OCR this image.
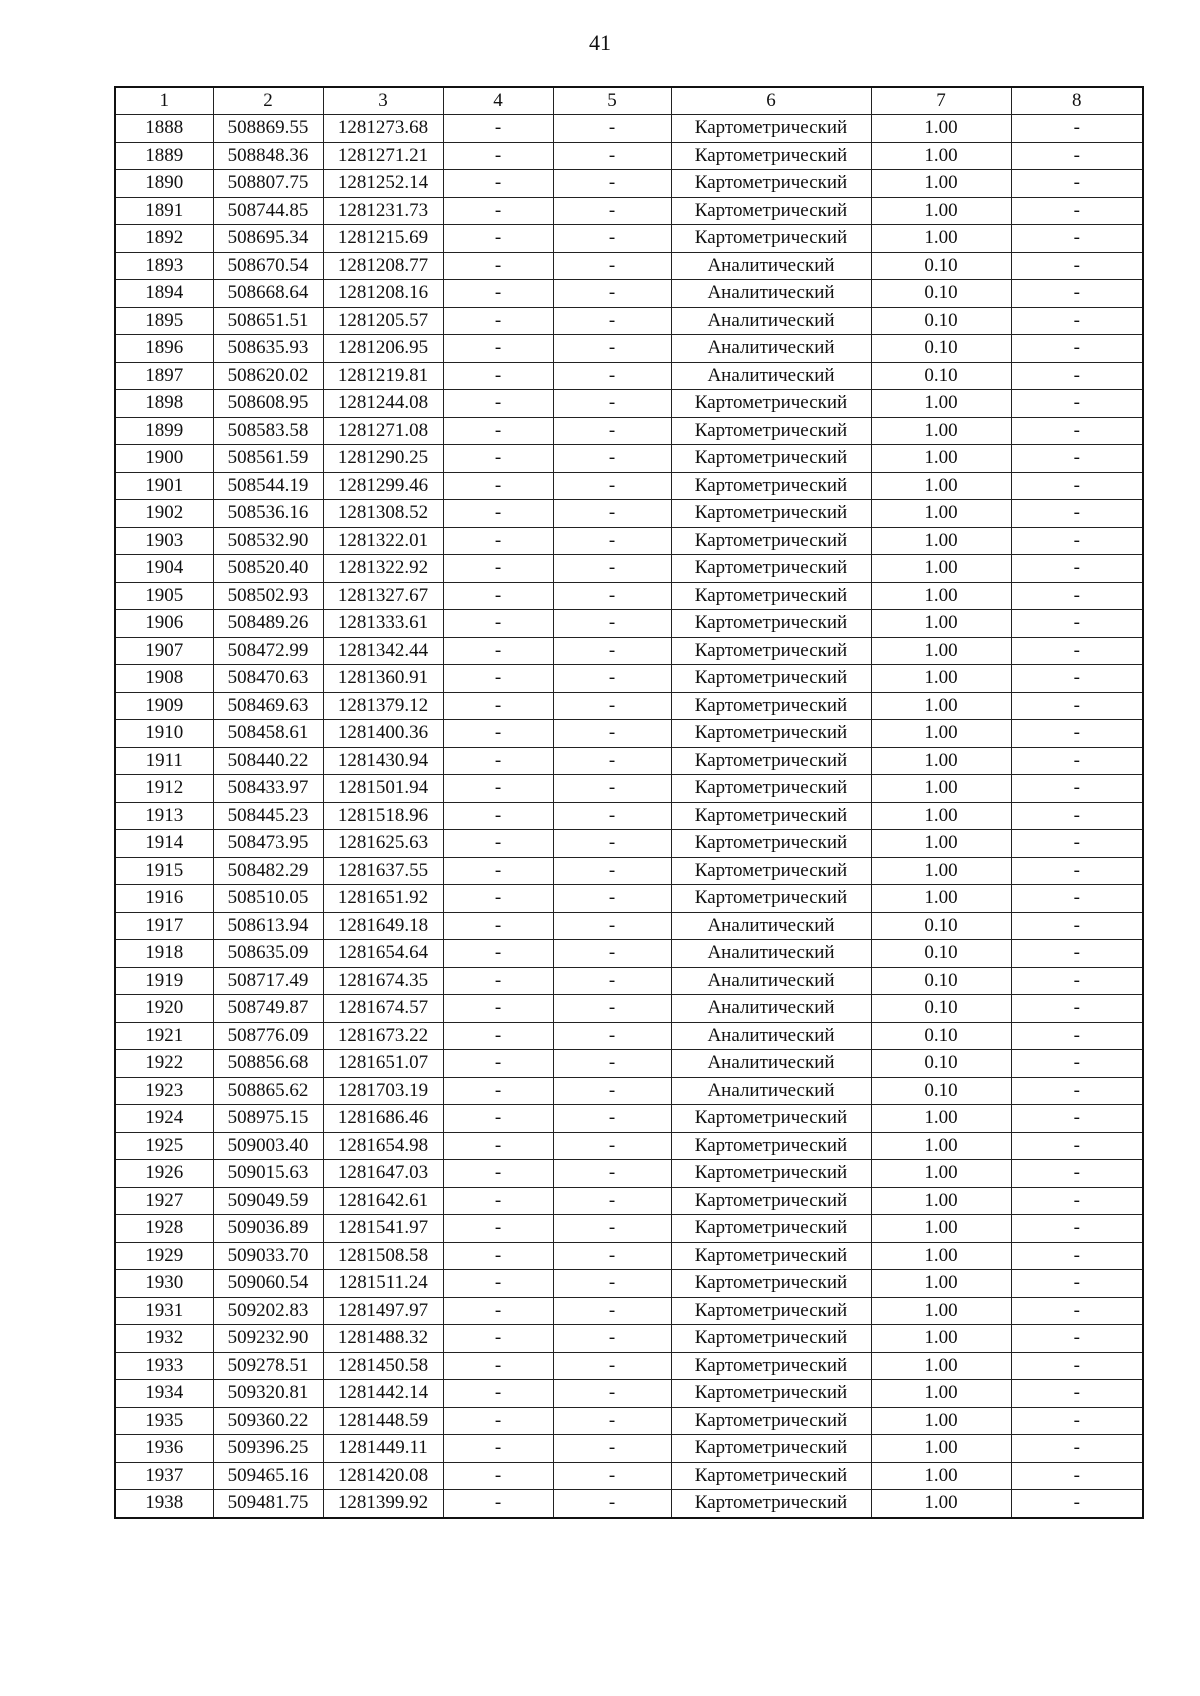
41
1	2	3	4	5	6	7	8
1888	508869.55	1281273.68	-	-	Картометрический	1.00	-
1889	508848.36	1281271.21	-	-	Картометрический	1.00	-
1890	508807.75	1281252.14	-	-	Картометрический	1.00	-
1891	508744.85	1281231.73	-	-	Картометрический	1.00	-
1892	508695.34	1281215.69	-	-	Картометрический	1.00	-
1893	508670.54	1281208.77	-	-	Аналитический	0.10	-
1894	508668.64	1281208.16	-	-	Аналитический	0.10	-
1895	508651.51	1281205.57	-	-	Аналитический	0.10	-
1896	508635.93	1281206.95	-	-	Аналитический	0.10	-
1897	508620.02	1281219.81	-	-	Аналитический	0.10	-
1898	508608.95	1281244.08	-	-	Картометрический	1.00	-
1899	508583.58	1281271.08	-	-	Картометрический	1.00	-
1900	508561.59	1281290.25	-	-	Картометрический	1.00	-
1901	508544.19	1281299.46	-	-	Картометрический	1.00	-
1902	508536.16	1281308.52	-	-	Картометрический	1.00	-
1903	508532.90	1281322.01	-	-	Картометрический	1.00	-
1904	508520.40	1281322.92	-	-	Картометрический	1.00	-
1905	508502.93	1281327.67	-	-	Картометрический	1.00	-
1906	508489.26	1281333.61	-	-	Картометрический	1.00	-
1907	508472.99	1281342.44	-	-	Картометрический	1.00	-
1908	508470.63	1281360.91	-	-	Картометрический	1.00	-
1909	508469.63	1281379.12	-	-	Картометрический	1.00	-
1910	508458.61	1281400.36	-	-	Картометрический	1.00	-
1911	508440.22	1281430.94	-	-	Картометрический	1.00	-
1912	508433.97	1281501.94	-	-	Картометрический	1.00	-
1913	508445.23	1281518.96	-	-	Картометрический	1.00	-
1914	508473.95	1281625.63	-	-	Картометрический	1.00	-
1915	508482.29	1281637.55	-	-	Картометрический	1.00	-
1916	508510.05	1281651.92	-	-	Картометрический	1.00	-
1917	508613.94	1281649.18	-	-	Аналитический	0.10	-
1918	508635.09	1281654.64	-	-	Аналитический	0.10	-
1919	508717.49	1281674.35	-	-	Аналитический	0.10	-
1920	508749.87	1281674.57	-	-	Аналитический	0.10	-
1921	508776.09	1281673.22	-	-	Аналитический	0.10	-
1922	508856.68	1281651.07	-	-	Аналитический	0.10	-
1923	508865.62	1281703.19	-	-	Аналитический	0.10	-
1924	508975.15	1281686.46	-	-	Картометрический	1.00	-
1925	509003.40	1281654.98	-	-	Картометрический	1.00	-
1926	509015.63	1281647.03	-	-	Картометрический	1.00	-
1927	509049.59	1281642.61	-	-	Картометрический	1.00	-
1928	509036.89	1281541.97	-	-	Картометрический	1.00	-
1929	509033.70	1281508.58	-	-	Картометрический	1.00	-
1930	509060.54	1281511.24	-	-	Картометрический	1.00	-
1931	509202.83	1281497.97	-	-	Картометрический	1.00	-
1932	509232.90	1281488.32	-	-	Картометрический	1.00	-
1933	509278.51	1281450.58	-	-	Картометрический	1.00	-
1934	509320.81	1281442.14	-	-	Картометрический	1.00	-
1935	509360.22	1281448.59	-	-	Картометрический	1.00	-
1936	509396.25	1281449.11	-	-	Картометрический	1.00	-
1937	509465.16	1281420.08	-	-	Картометрический	1.00	-
1938	509481.75	1281399.92	-	-	Картометрический	1.00	-
